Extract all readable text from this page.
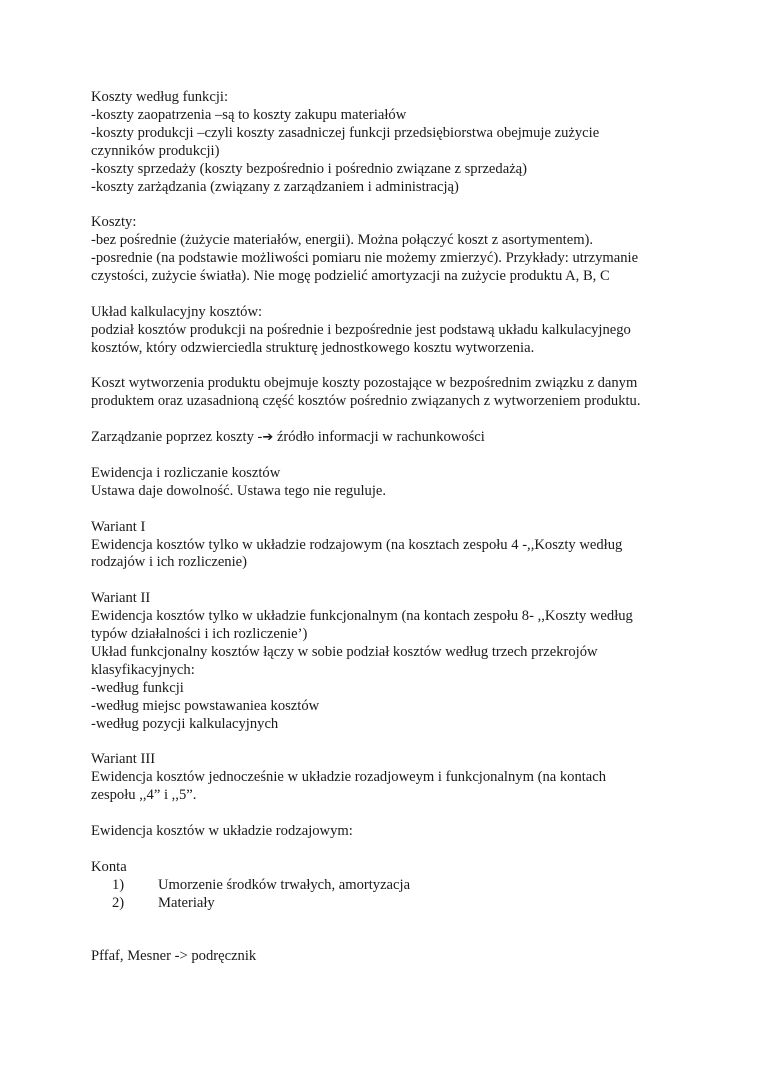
Koszty według funkcji:
-koszty zaopatrzenia –są to koszty zakupu materiałów
-koszty produkcji –czyli koszty zasadniczej funkcji przedsiębiorstwa obejmuje zużycie
czynników produkcji)
-koszty sprzedaży (koszty bezpośrednio i pośrednio związane z sprzedażą)
-koszty zarżądzania (związany z zarządzaniem i administracją)
Koszty:
-bez pośrednie (żużycie materiałów, energii). Można połączyć koszt z asortymentem).
-posrednie (na podstawie możliwości pomiaru nie możemy zmierzyć). Przykłady: utrzymanie
czystości, zużycie światła). Nie mogę podzielić amortyzacji na zużycie produktu A, B, C
Układ kalkulacyjny kosztów:
podział kosztów produkcji na pośrednie i bezpośrednie jest podstawą układu kalkulacyjnego
kosztów, który odzwierciedla strukturę jednostkowego kosztu wytworzenia.
Koszt wytworzenia produktu obejmuje koszty pozostające w bezpośrednim związku z danym
produktem oraz uzasadnioną część kosztów pośrednio związanych z wytworzeniem produktu.
Zarządzanie poprzez koszty -➔ źródło informacji w rachunkowości
Ewidencja i rozliczanie kosztów
Ustawa daje dowolność. Ustawa tego nie reguluje.
Wariant I
Ewidencja kosztów tylko w układzie rodzajowym (na kosztach zespołu 4 -,,Koszty według
rodzajów i ich rozliczenie)
Wariant II
Ewidencja kosztów tylko w układzie funkcjonalnym (na kontach zespołu 8- ,,Koszty według
typów działalności i ich rozliczenie’)
Układ funkcjonalny kosztów łączy w sobie podział kosztów według trzech przekrojów
klasyfikacyjnych:
-według funkcji
-według miejsc powstawaniea kosztów
-według pozycji kalkulacyjnych
Wariant III
Ewidencja kosztów jednocześnie w układzie rozadjoweym i funkcjonalnym (na kontach
zespołu ,,4” i ,,5”.
Ewidencja kosztów w układzie rodzajowym:
Konta
1) Umorzenie środków trwałych, amortyzacja
2) Materiały
Pffaf, Mesner -> podręcznik
